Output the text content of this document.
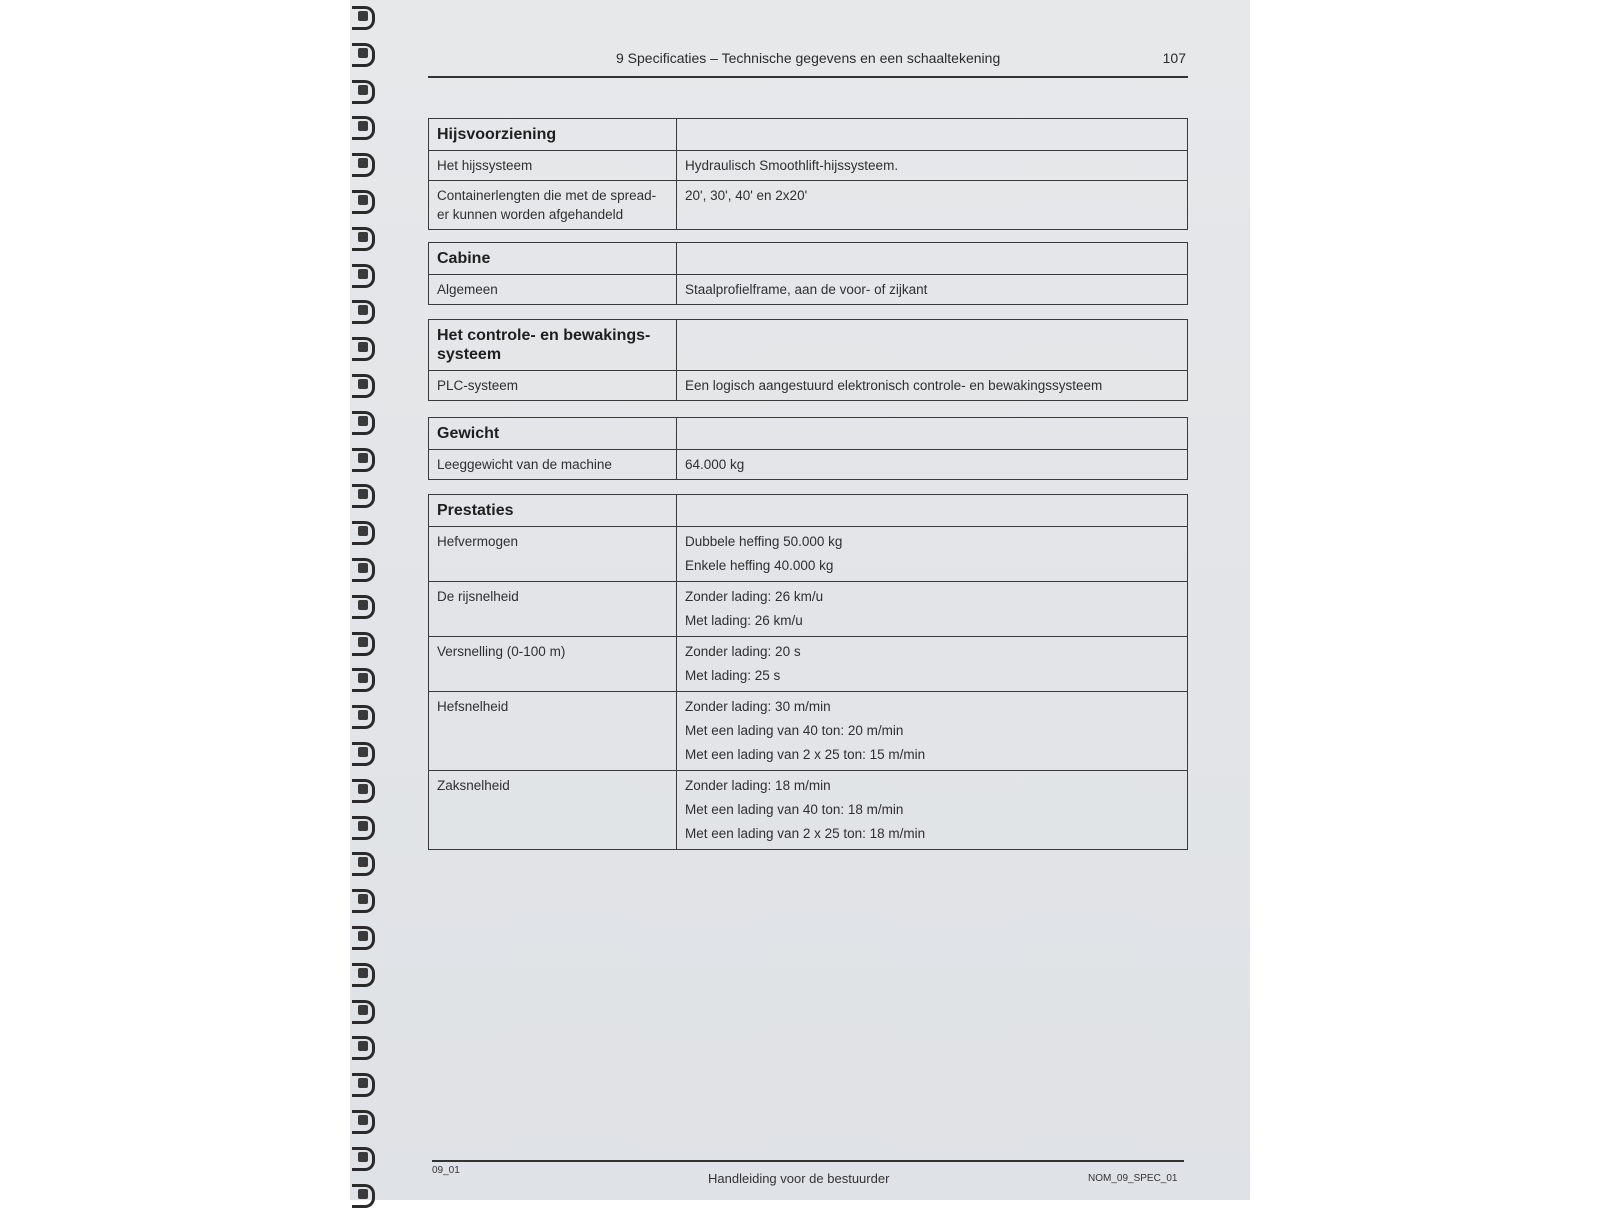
9 Specificaties – Technische gegevens en een schaaltekening	107
Hijsvoorziening	
Het hijssysteem	Hydraulisch Smoothlift-hijssysteem.
Containerlengten die met de spread-er kunnen worden afgehandeld	20', 30', 40' en 2x20'
Cabine	
Algemeen	Staalprofielframe, aan de voor- of zijkant
Het controle- en bewakings-systeem	
PLC-systeem	Een logisch aangestuurd elektronisch controle- en bewakingssysteem
Gewicht	
Leeggewicht van de machine	64.000 kg
Prestaties	
Hefvermogen	Dubbele heffing 50.000 kg
Enkele heffing 40.000 kg

De rijsnelheid	Zonder lading: 26 km/u
Met lading: 26 km/u

Versnelling (0-100 m)	Zonder lading: 20 s
Met lading: 25 s

Hefsnelheid	Zonder lading: 30 m/min
Met een lading van 40 ton: 20 m/min
Met een lading van 2 x 25 ton: 15 m/min

Zaksnelheid	Zonder lading: 18 m/min
Met een lading van 40 ton: 18 m/min
Met een lading van 2 x 25 ton: 18 m/min
09_01
Handleiding voor de bestuurder	NOM_09_SPEC_01
